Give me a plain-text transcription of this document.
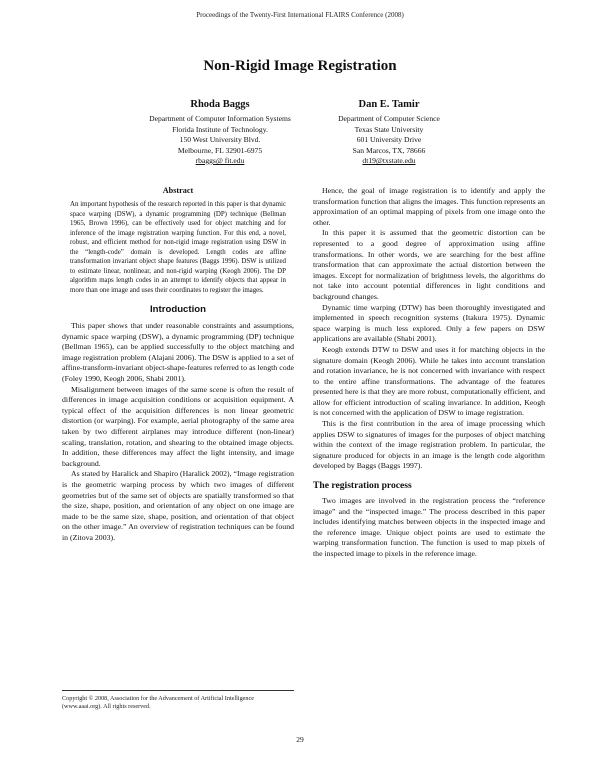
Proceedings of the Twenty-First International FLAIRS Conference (2008)
Non-Rigid Image Registration
Rhoda Baggs
Department of Computer Information Systems
Florida Institute of Technology.
150 West University Blvd.
Melbourne, FL 32901-6975
rbaggs@ fit.edu
Dan E. Tamir
Department of Computer Science
Texas State University
601 University Drive
San Marcos, TX, 78666
dt19@txstate.edu
Abstract
An important hypothesis of the research reported in this paper is that dynamic space warping (DSW), a dynamic programming (DP) technique (Bellman 1965, Brown 1996), can be effectively used for object matching and for inference of the image registration warping function. For this end, a novel, robust, and efficient method for non-rigid image registration using DSW in the “length-code” domain is developed. Length codes are affine transformation invariant object shape features (Baggs 1996). DSW is utilized to estimate linear, nonlinear, and non-rigid warping (Keogh 2006). The DP algorithm maps length codes in an attempt to identify objects that appear in more than one image and uses their coordinates to register the images.
Introduction
This paper shows that under reasonable constraints and assumptions, dynamic space warping (DSW), a dynamic programming (DP) technique (Bellman 1965), can be applied successfully to the object matching and image registration problem (Alajani 2006). The DSW is applied to a set of affine-transform-invariant object-shape-features referred to as length code (Foley 1990, Keogh 2006, Shabi 2001).
Misalignment between images of the same scene is often the result of differences in image acquisition conditions or acquisition equipment. A typical effect of the acquisition differences is non linear geometric distortion (or warping). For example, aerial photography of the same area taken by two different airplanes may introduce different (non-linear) scaling, translation, rotation, and shearing to the obtained image objects. In addition, these differences may affect the light intensity, and image background.
As stated by Haralick and Shapiro (Haralick 2002), “Image registration is the geometric warping process by which two images of different geometries but of the same set of objects are spatially transformed so that the size, shape, position, and orientation of any object on one image are made to be the same size, shape, position, and orientation of that object on the other image.” An overview of registration techniques can be found in (Zitova 2003).
Hence, the goal of image registration is to identify and apply the transformation function that aligns the images. This function represents an approximation of an optimal mapping of pixels from one image onto the other.
In this paper it is assumed that the geometric distortion can be represented to a good degree of approximation using affine transformations. In other words, we are searching for the best affine transformation that can approximate the actual distortion between the images. Except for normalization of brightness levels, the algorithms do not take into account potential differences in light conditions and background changes.
Dynamic time warping (DTW) has been thoroughly investigated and implemented in speech recognition systems (Itakura 1975). Dynamic space warping is much less explored. Only a few papers on DSW applications are available (Shabi 2001).
Keogh extends DTW to DSW and uses it for matching objects in the signature domain (Keogh 2006). While he takes into account translation and rotation invariance, he is not concerned with invariance with respect to the entire affine transformations. The advantage of the features presented here is that they are more robust, computationally efficient, and allow for efficient introduction of scaling invariance. In addition, Keogh is not concerned with the application of DSW to image registration.
This is the first contribution in the area of image processing which applies DSW to signatures of images for the purposes of object matching within the context of the image registration problem. In particular, the signature produced for objects in an image is the length code algorithm developed by Baggs (Baggs 1997).
The registration process
Two images are involved in the registration process the “reference image” and the “inspected image.” The process described in this paper includes identifying matches between objects in the inspected image and the reference image. Unique object points are used to estimate the warping transformation function. The function is used to map pixels of the inspected image to pixels in the reference image.
Copyright © 2008, Association for the Advancement of Artificial Intelligence (www.aaai.org). All rights reserved.
29
